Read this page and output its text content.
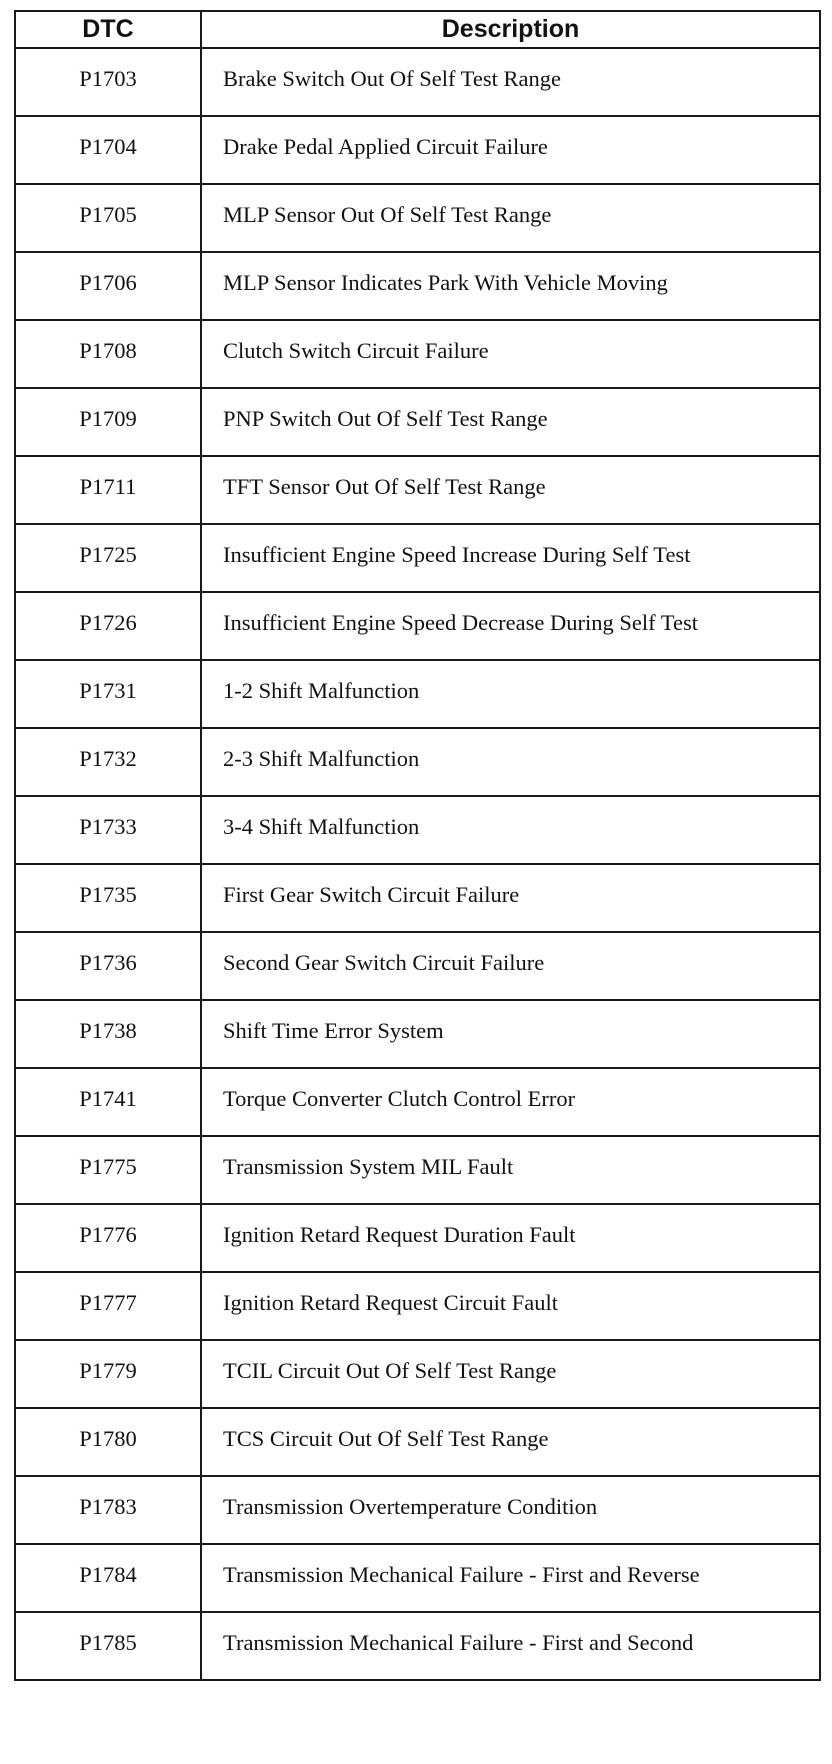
DTC	Description
P1703	Brake Switch Out Of Self Test Range
P1704	Drake Pedal Applied Circuit Failure
P1705	MLP Sensor Out Of Self Test Range
P1706	MLP Sensor Indicates Park With Vehicle Moving
P1708	Clutch Switch Circuit Failure
P1709	PNP Switch Out Of Self Test Range
P1711	TFT Sensor Out Of Self Test Range
P1725	Insufficient Engine Speed Increase During Self Test
P1726	Insufficient Engine Speed Decrease During Self Test
P1731	1-2 Shift Malfunction
P1732	2-3 Shift Malfunction
P1733	3-4 Shift Malfunction
P1735	First Gear Switch Circuit Failure
P1736	Second Gear Switch Circuit Failure
P1738	Shift Time Error System
P1741	Torque Converter Clutch Control Error
P1775	Transmission System MIL Fault
P1776	Ignition Retard Request Duration Fault
P1777	Ignition Retard Request Circuit Fault
P1779	TCIL Circuit Out Of Self Test Range
P1780	TCS Circuit Out Of Self Test Range
P1783	Transmission Overtemperature Condition
P1784	Transmission Mechanical Failure - First and Reverse
P1785	Transmission Mechanical Failure - First and Second
